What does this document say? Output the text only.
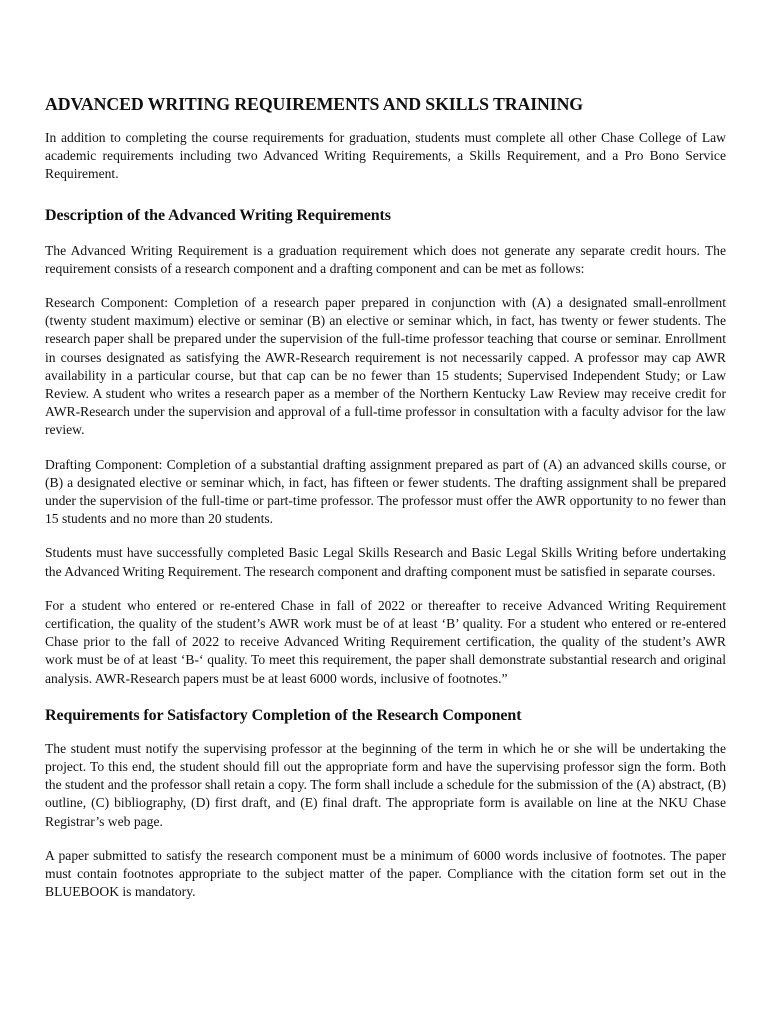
ADVANCED WRITING REQUIREMENTS AND SKILLS TRAINING

In addition to completing the course requirements for graduation, students must complete all other Chase College of Law academic requirements including two Advanced Writing Requirements, a Skills Requirement, and a Pro Bono Service Requirement.

Description of the Advanced Writing Requirements

The Advanced Writing Requirement is a graduation requirement which does not generate any separate credit hours. The requirement consists of a research component and a drafting component and can be met as follows:

Research Component: Completion of a research paper prepared in conjunction with (A) a designated small-enrollment (twenty student maximum) elective or seminar (B) an elective or seminar which, in fact, has twenty or fewer students. The research paper shall be prepared under the supervision of the full-time professor teaching that course or seminar. Enrollment in courses designated as satisfying the AWR-Research requirement is not necessarily capped. A professor may cap AWR availability in a particular course, but that cap can be no fewer than 15 students; Supervised Independent Study; or Law Review. A student who writes a research paper as a member of the Northern Kentucky Law Review may receive credit for AWR-Research under the supervision and approval of a full-time professor in consultation with a faculty advisor for the law review.

Drafting Component: Completion of a substantial drafting assignment prepared as part of (A) an advanced skills course, or (B) a designated elective or seminar which, in fact, has fifteen or fewer students. The drafting assignment shall be prepared under the supervision of the full-time or part-time professor. The professor must offer the AWR opportunity to no fewer than 15 students and no more than 20 students.

Students must have successfully completed Basic Legal Skills Research and Basic Legal Skills Writing before undertaking the Advanced Writing Requirement. The research component and drafting component must be satisfied in separate courses.

For a student who entered or re-entered Chase in fall of 2022 or thereafter to receive Advanced Writing Requirement certification, the quality of the student’s AWR work must be of at least ‘B’ quality. For a student who entered or re-entered Chase prior to the fall of 2022 to receive Advanced Writing Requirement certification, the quality of the student’s AWR work must be of at least ‘B-‘ quality. To meet this requirement, the paper shall demonstrate substantial research and original analysis. AWR-Research papers must be at least 6000 words, inclusive of footnotes.”

Requirements for Satisfactory Completion of the Research Component

The student must notify the supervising professor at the beginning of the term in which he or she will be undertaking the project. To this end, the student should fill out the appropriate form and have the supervising professor sign the form. Both the student and the professor shall retain a copy. The form shall include a schedule for the submission of the (A) abstract, (B) outline, (C) bibliography, (D) first draft, and (E) final draft. The appropriate form is available on line at the NKU Chase Registrar’s web page.

A paper submitted to satisfy the research component must be a minimum of 6000 words inclusive of footnotes. The paper must contain footnotes appropriate to the subject matter of the paper. Compliance with the citation form set out in the BLUEBOOK is mandatory.
